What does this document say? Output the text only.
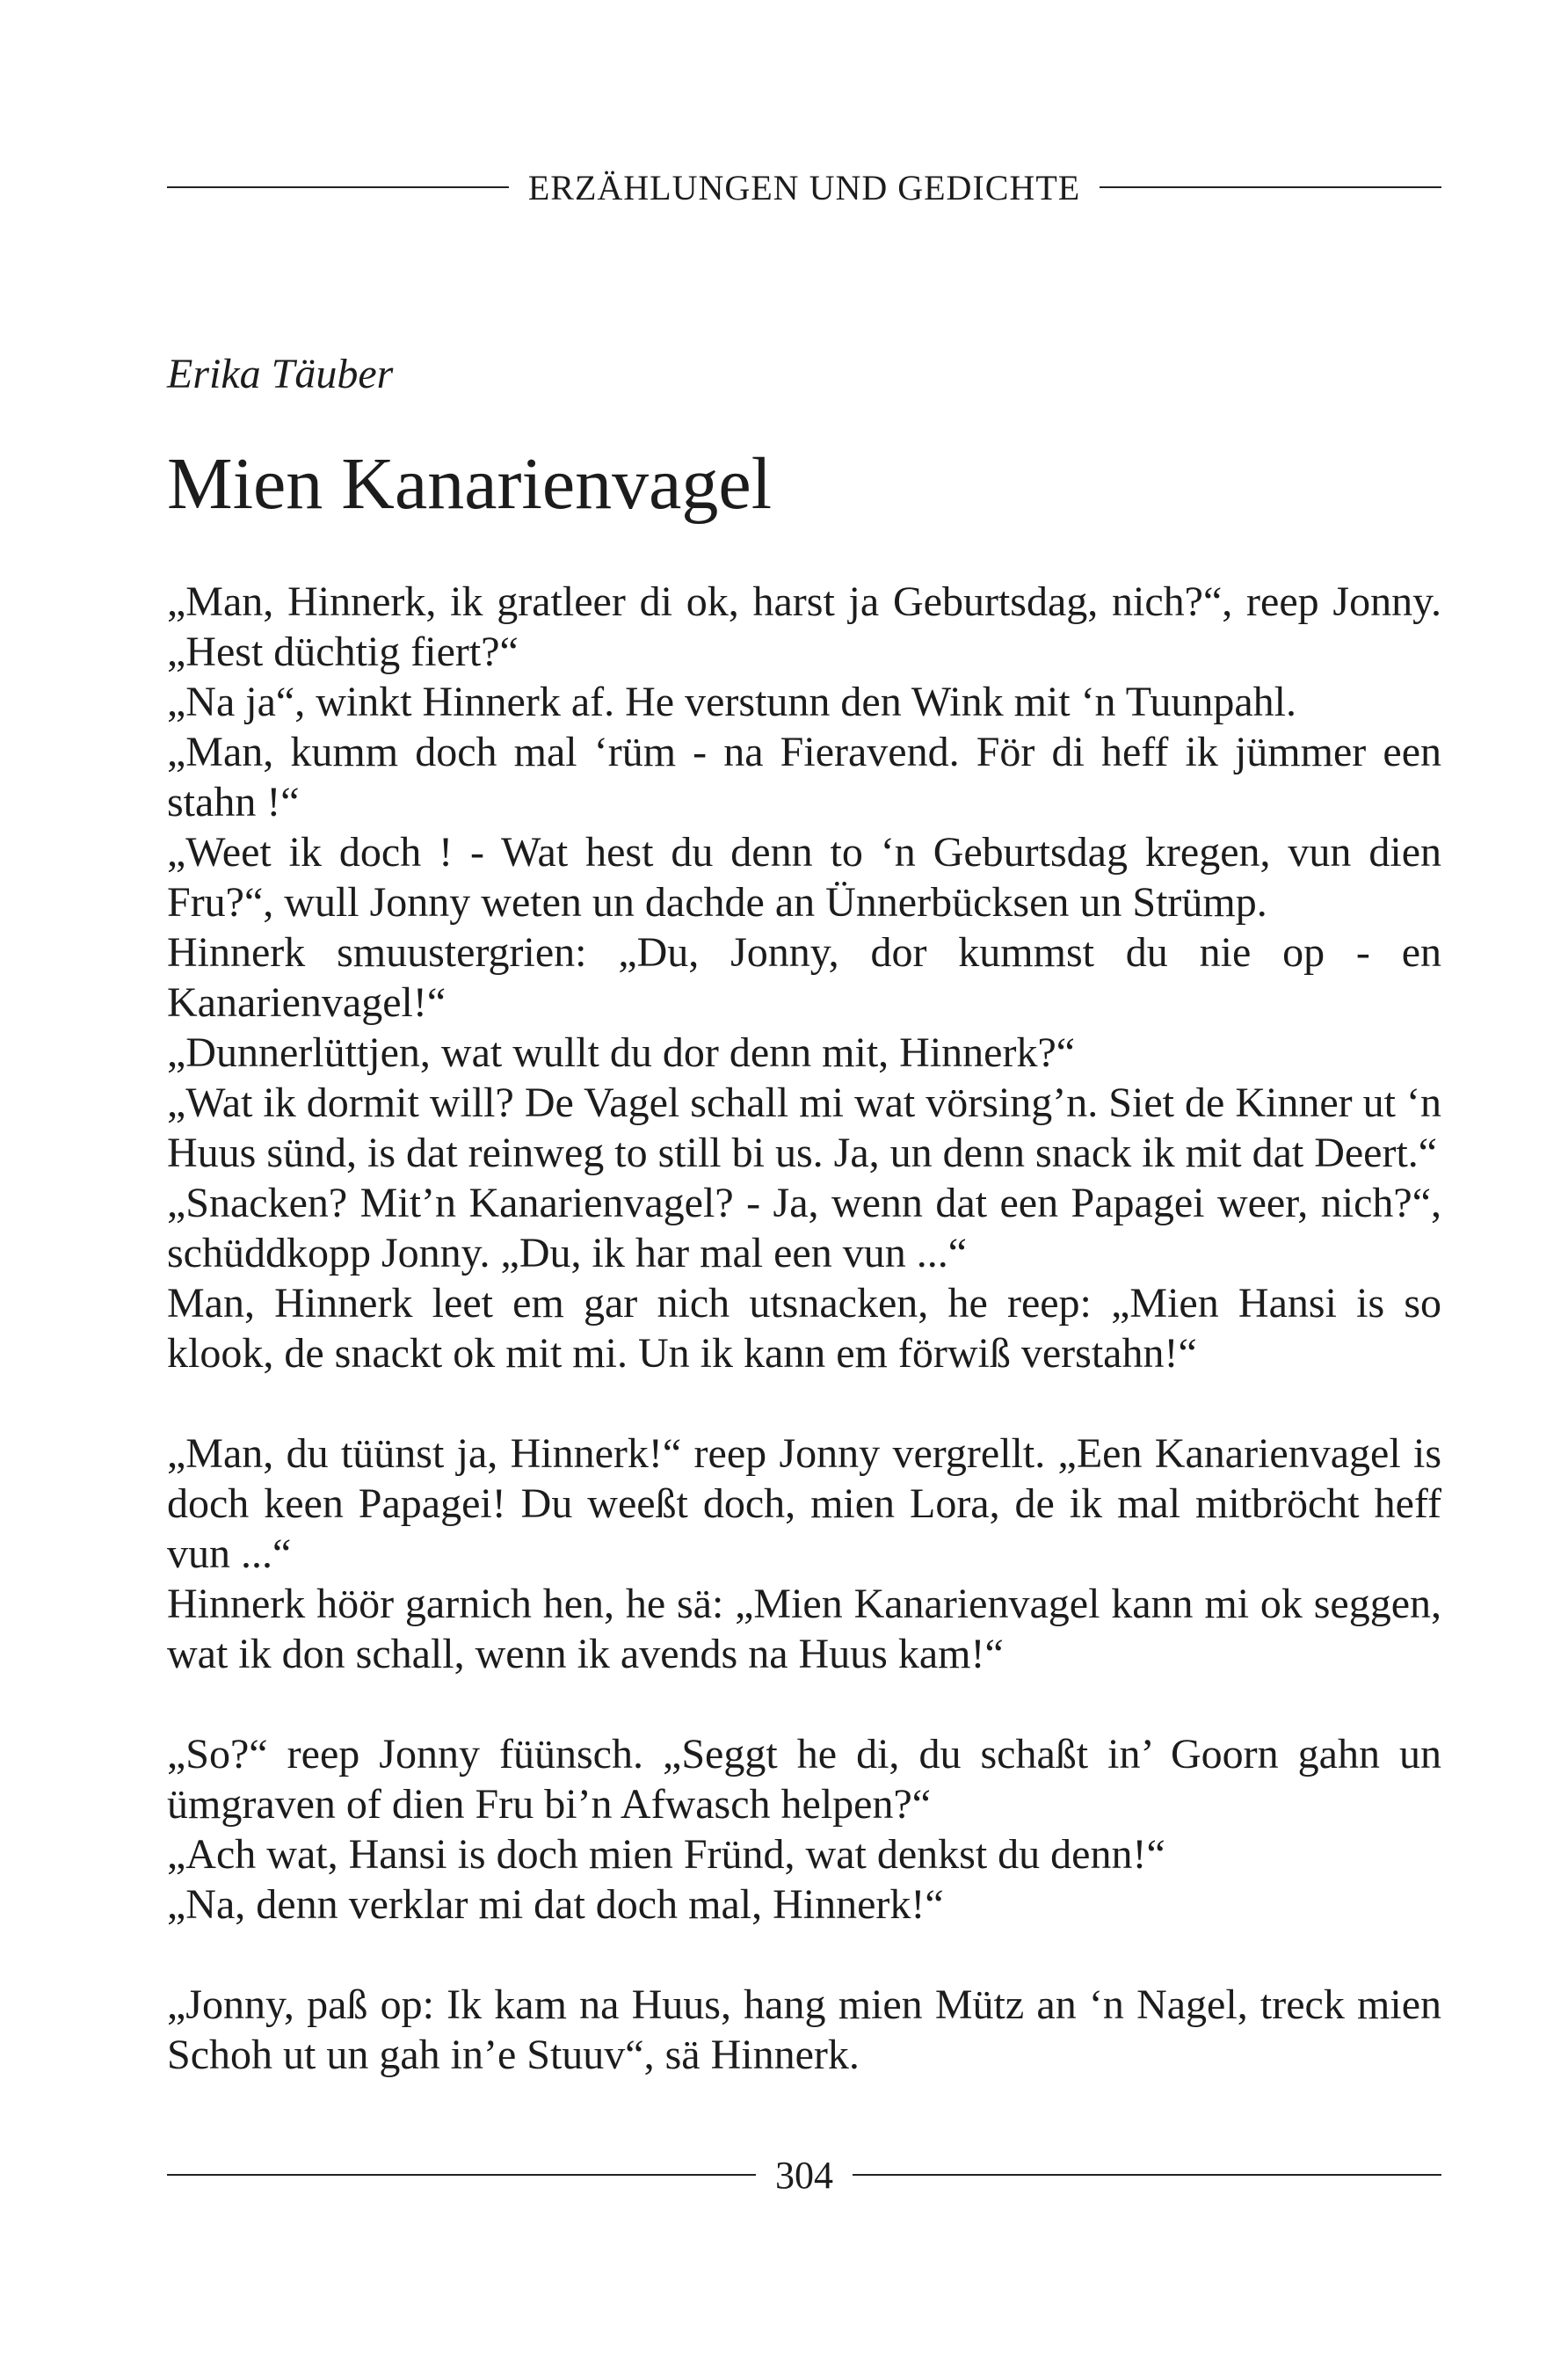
ERZÄHLUNGEN UND GEDICHTE

Erika Täuber

Mien Kanarienvagel

„Man, Hinnerk, ik gratleer di ok, harst ja Geburtsdag, nich?“, reep Jonny. „Hest düchtig fiert?“

„Na ja“, winkt Hinnerk af. He verstunn den Wink mit ‘n Tuunpahl.

„Man, kumm doch mal ‘rüm - na Fieravend. För di heff ik jümmer een stahn !“

„Weet ik doch ! - Wat hest du denn to ‘n Geburtsdag kregen, vun dien Fru?“, wull Jonny weten un dachde an Ünnerbücksen un Strümp.

Hinnerk smuustergrien: „Du, Jonny, dor kummst du nie op - en Kanarienvagel!“

„Dunnerlüttjen, wat wullt du dor denn mit, Hinnerk?“

„Wat ik dormit will? De Vagel schall mi wat vörsing’n. Siet de Kinner ut ‘n Huus sünd, is dat reinweg to still bi us. Ja, un denn snack ik mit dat Deert.“

„Snacken? Mit’n Kanarienvagel? - Ja, wenn dat een Papagei weer, nich?“, schüddkopp Jonny. „Du, ik har mal een vun ...“

Man, Hinnerk leet em gar nich utsnacken, he reep: „Mien Hansi is so klook, de snackt ok mit mi. Un ik kann em förwiß verstahn!“

„Man, du tüünst ja, Hinnerk!“ reep Jonny vergrellt. „Een Kanarienvagel is doch keen Papagei! Du weeßt doch, mien Lora, de ik mal mitbröcht heff vun ...“

Hinnerk höör garnich hen, he sä: „Mien Kanarienvagel kann mi ok seggen, wat ik don schall, wenn ik avends na Huus kam!“

„So?“ reep Jonny füünsch. „Seggt he di, du schaßt in’ Goorn gahn un ümgraven of dien Fru bi’n Afwasch helpen?“

„Ach wat, Hansi is doch mien Fründ, wat denkst du denn!“

„Na, denn verklar mi dat doch mal, Hinnerk!“

„Jonny, paß op: Ik kam na Huus, hang mien Mütz an ‘n Nagel, treck mien Schoh ut un gah in’e Stuuv“, sä Hinnerk.

304
